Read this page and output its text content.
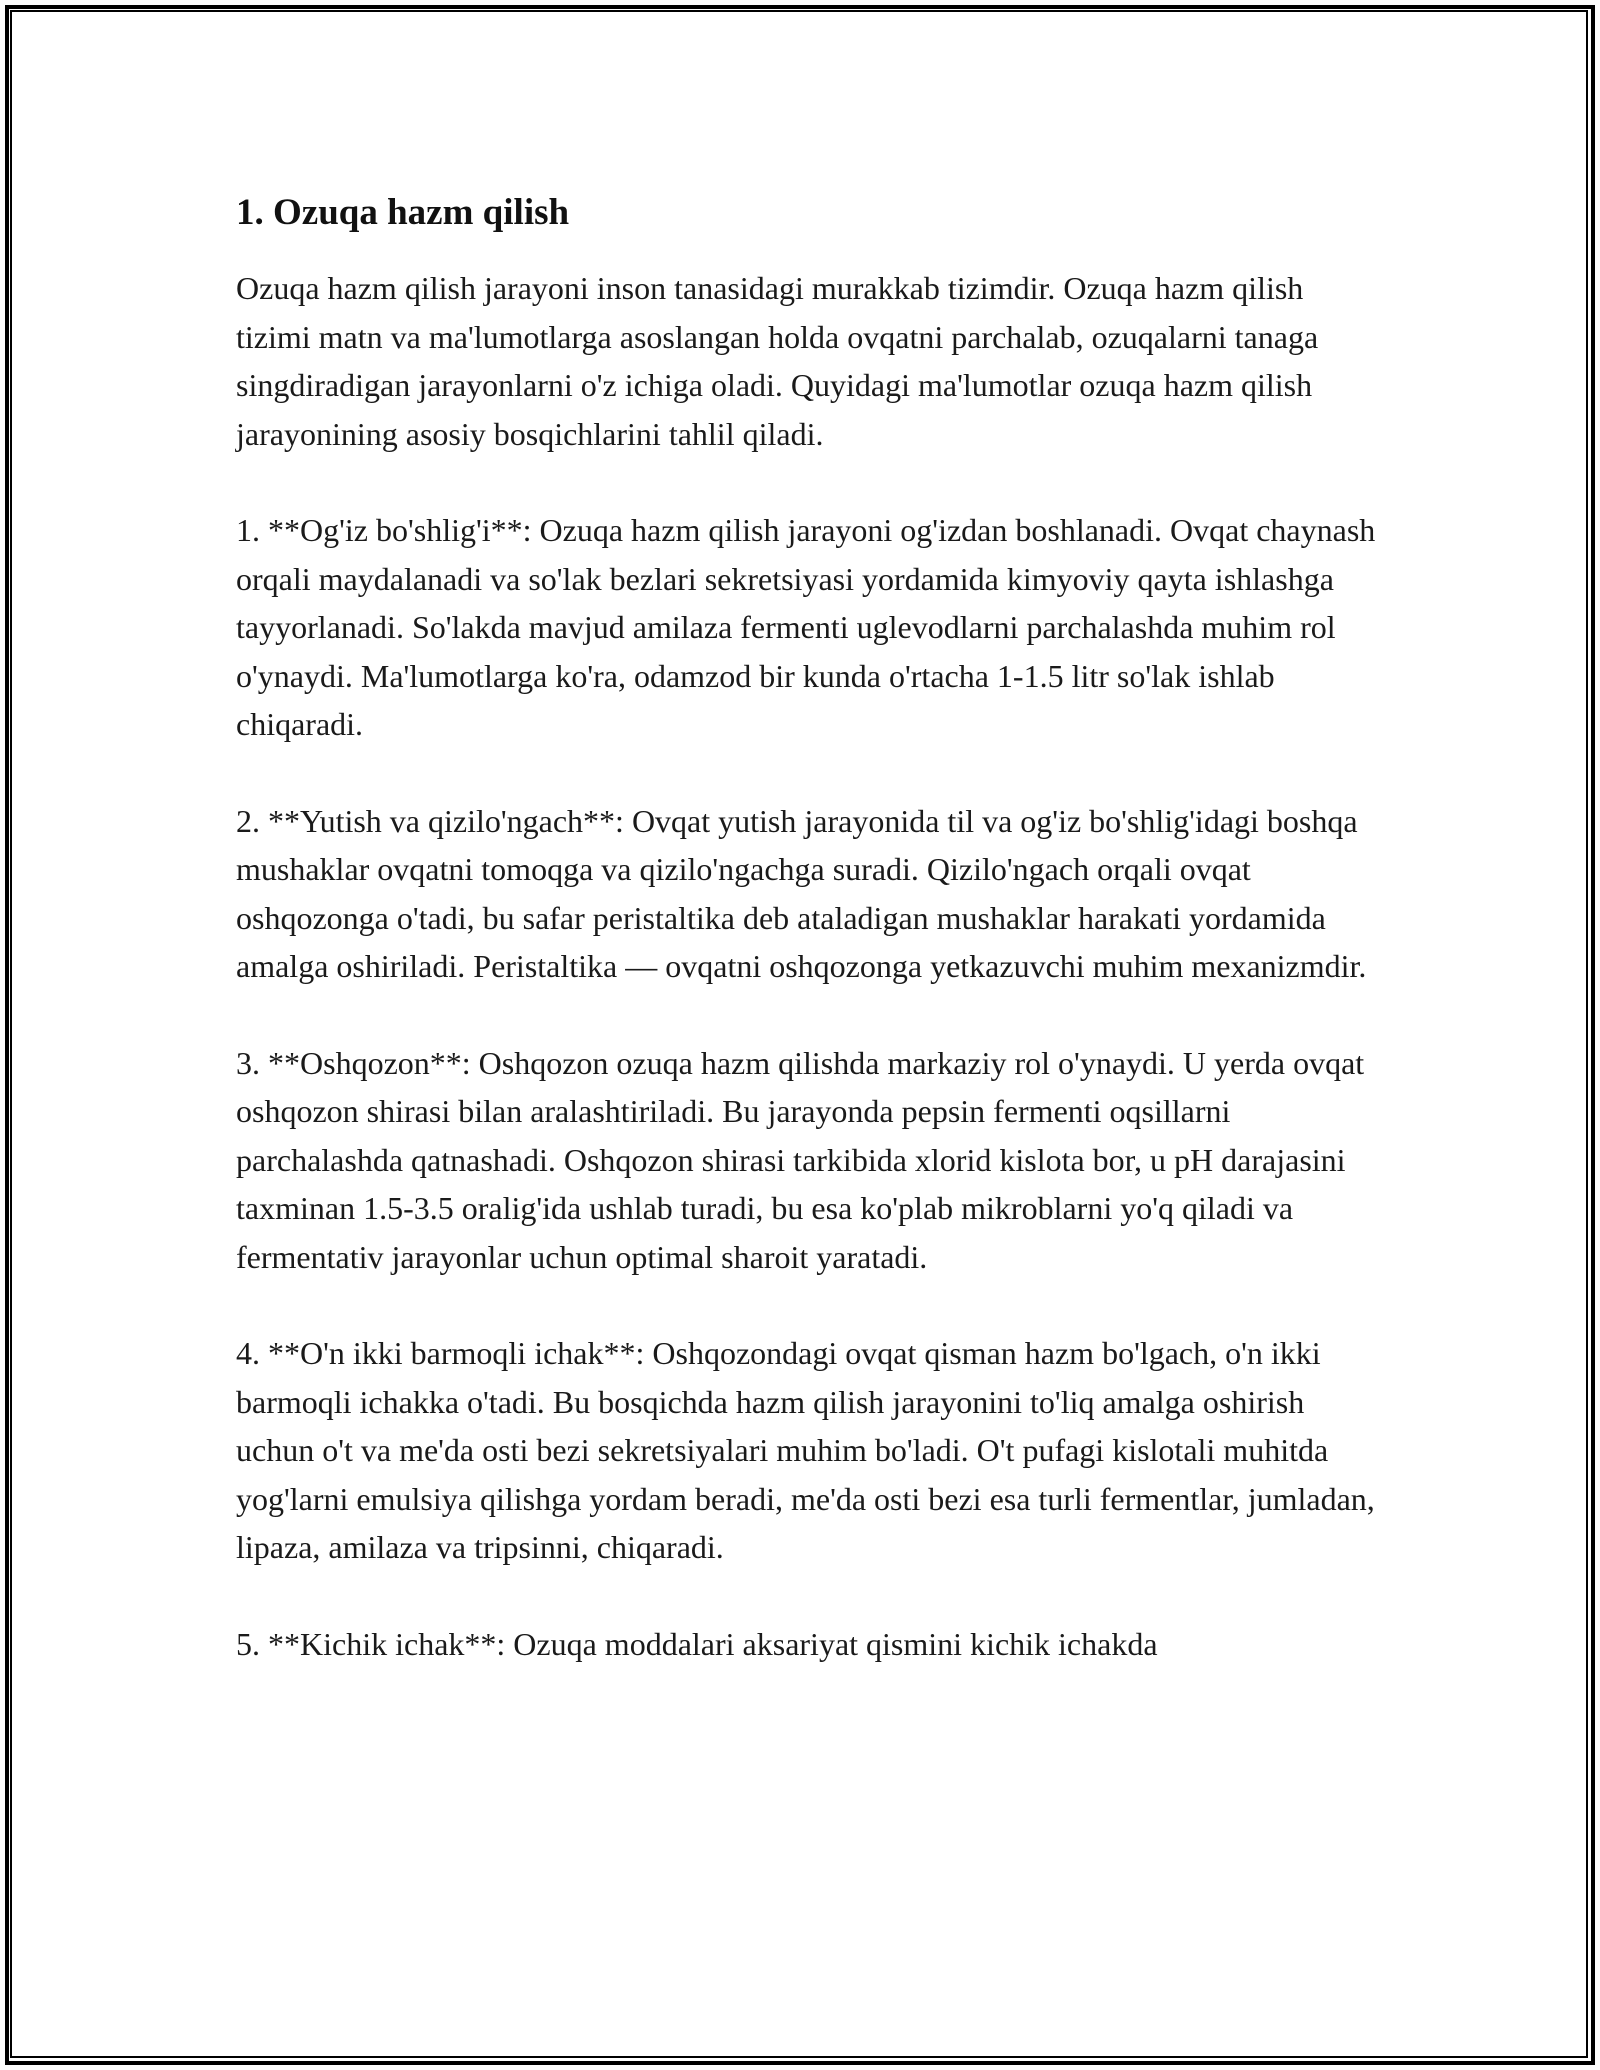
1. Ozuqa hazm qilish

Ozuqa hazm qilish jarayoni inson tanasidagi murakkab tizimdir. Ozuqa hazm qilish tizimi matn va ma'lumotlarga asoslangan holda ovqatni parchalab, ozuqalarni tanaga singdiradigan jarayonlarni o'z ichiga oladi. Quyidagi ma'lumotlar ozuqa hazm qilish jarayonining asosiy bosqichlarini tahlil qiladi.

1. **Og'iz bo'shlig'i**: Ozuqa hazm qilish jarayoni og'izdan boshlanadi. Ovqat chaynash orqali maydalanadi va so'lak bezlari sekretsiyasi yordamida kimyoviy qayta ishlashga tayyorlanadi. So'lakda mavjud amilaza fermenti uglevodlarni parchalashda muhim rol o'ynaydi. Ma'lumotlarga ko'ra, odamzod bir kunda o'rtacha 1-1.5 litr so'lak ishlab chiqaradi.

2. **Yutish va qizilo'ngach**: Ovqat yutish jarayonida til va og'iz bo'shlig'idagi boshqa mushaklar ovqatni tomoqga va qizilo'ngachga suradi. Qizilo'ngach orqali ovqat oshqozonga o'tadi, bu safar peristaltika deb ataladigan mushaklar harakati yordamida amalga oshiriladi. Peristaltika — ovqatni oshqozonga yetkazuvchi muhim mexanizmdir.

3. **Oshqozon**: Oshqozon ozuqa hazm qilishda markaziy rol o'ynaydi. U yerda ovqat oshqozon shirasi bilan aralashtiriladi. Bu jarayonda pepsin fermenti oqsillarni parchalashda qatnashadi. Oshqozon shirasi tarkibida xlorid kislota bor, u pH darajasini taxminan 1.5-3.5 oralig'ida ushlab turadi, bu esa ko'plab mikroblarni yo'q qiladi va fermentativ jarayonlar uchun optimal sharoit yaratadi.

4. **O'n ikki barmoqli ichak**: Oshqozondagi ovqat qisman hazm bo'lgach, o'n ikki barmoqli ichakka o'tadi. Bu bosqichda hazm qilish jarayonini to'liq amalga oshirish uchun o't va me'da osti bezi sekretsiyalari muhim bo'ladi. O't pufagi kislotali muhitda yog'larni emulsiya qilishga yordam beradi, me'da osti bezi esa turli fermentlar, jumladan, lipaza, amilaza va tripsinni, chiqaradi.

5. **Kichik ichak**: Ozuqa moddalari aksariyat qismini kichik ichakda
